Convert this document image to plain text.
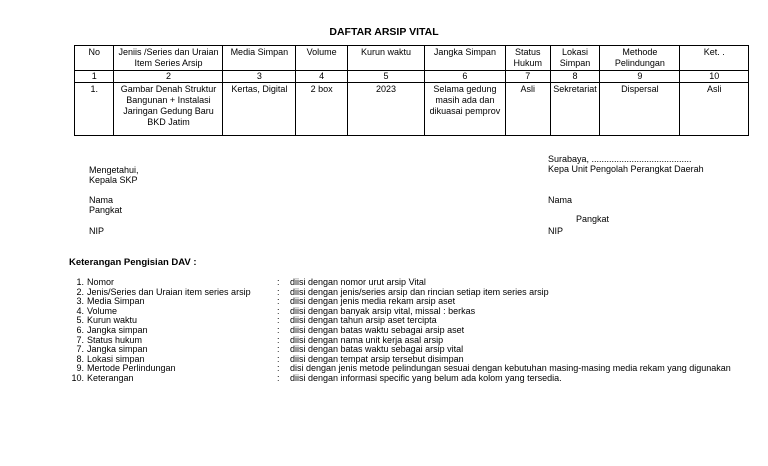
DAFTAR ARSIP VITAL
No	Jeniis /Series dan Uraian Item Series Arsip	Media Simpan	Volume	Kurun waktu	Jangka Simpan	Status Hukum	Lokasi Simpan	Methode Pelindungan	Ket. .
1	2	3	4	5	6	7	8	9	10
1.	Gambar Denah Struktur Bangunan + Instalasi Jaringan Gedung Baru BKD Jatim	Kertas, Digital	2 box	2023	Selama gedung masih ada dan dikuasai pemprov	Asli	Sekretariat	Dispersal	Asli
Mengetahui,
Kepala SKP
Nama
Pangkat
NIP
Surabaya, ........................................
Kepa Unit Pengolah Perangkat Daerah
Nama
Pangkat
NIP
Keterangan Pengisian DAV :
1. Nomor	:	diisi dengan nomor urut arsip Vital
2. Jenis/Series dan Uraian item series arsip	:	diisi dengan jenis/series arsip dan rincian setiap item series arsip
3. Media Simpan	:	diisi dengan jenis media rekam arsip aset
4. Volume	:	diisi dengan banyak arsip vital, missal : berkas
5. Kurun waktu	:	diisi dengan tahun arsip aset tercipta
6. Jangka simpan	:	diisi dengan batas waktu sebagai arsip aset
7. Status hukum	:	diisi dengan nama unit kerja asal arsip
7. Jangka simpan	:	diisi dengan batas waktu sebagai arsip vital
8. Lokasi simpan	:	diisi dengan tempat arsip tersebut disimpan
9. Mertode Perlindungan	:	disi dengan jenis metode pelindungan sesuai dengan kebutuhan masing-masing media rekam yang digunakan
10. Keterangan	:	diisi dengan informasi specific yang belum ada kolom yang tersedia.
